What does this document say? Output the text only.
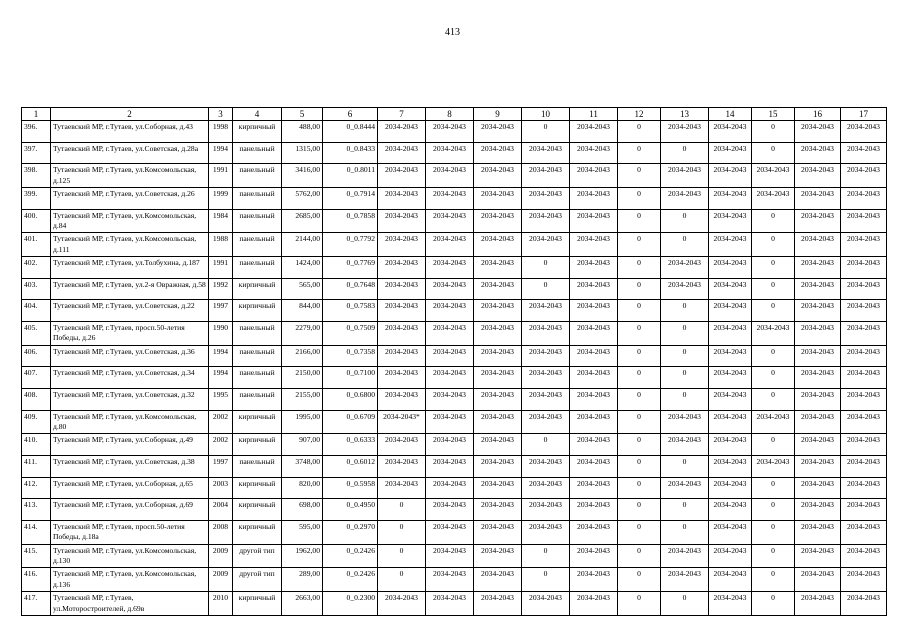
413
1	2	3	4	5	6	7	8	9	10	11	12	13	14	15	16	17
396.	Тутаевский МР, г.Тутаев, ул.Соборная, д.43	1998	кирпичный	488,00	0_0.8444	2034-2043	2034-2043	2034-2043	0	2034-2043	0	2034-2043	2034-2043	0	2034-2043	2034-2043
397.	Тутаевский МР, г.Тутаев, ул.Советская, д.28а	1994	панельный	1315,00	0_0.8433	2034-2043	2034-2043	2034-2043	2034-2043	2034-2043	0	0	2034-2043	0	2034-2043	2034-2043
398.	Тутаевский МР, г.Тутаев, ул.Комсомольская, д.125	1991	панельный	3416,00	0_0.8011	2034-2043	2034-2043	2034-2043	2034-2043	2034-2043	0	2034-2043	2034-2043	2034-2043	2034-2043	2034-2043
399.	Тутаевский МР, г.Тутаев, ул.Советская, д.26	1999	панельный	5762,00	0_0.7914	2034-2043	2034-2043	2034-2043	2034-2043	2034-2043	0	2034-2043	2034-2043	2034-2043	2034-2043	2034-2043
400.	Тутаевский МР, г.Тутаев, ул.Комсомольская, д.84	1984	панельный	2685,00	0_0.7858	2034-2043	2034-2043	2034-2043	2034-2043	2034-2043	0	0	2034-2043	0	2034-2043	2034-2043
401.	Тутаевский МР, г.Тутаев, ул.Комсомольская, д.111	1988	панельный	2144,00	0_0.7792	2034-2043	2034-2043	2034-2043	2034-2043	2034-2043	0	0	2034-2043	0	2034-2043	2034-2043
402.	Тутаевский МР, г.Тутаев, ул.Толбухина, д.187	1991	панельный	1424,00	0_0.7769	2034-2043	2034-2043	2034-2043	0	2034-2043	0	2034-2043	2034-2043	0	2034-2043	2034-2043
403.	Тутаевский МР, г.Тутаев, ул.2-я Овражная, д.58	1992	кирпичный	565,00	0_0.7648	2034-2043	2034-2043	2034-2043	0	2034-2043	0	2034-2043	2034-2043	0	2034-2043	2034-2043
404.	Тутаевский МР, г.Тутаев, ул.Советская, д.22	1997	кирпичный	844,00	0_0.7583	2034-2043	2034-2043	2034-2043	2034-2043	2034-2043	0	0	2034-2043	0	2034-2043	2034-2043
405.	Тутаевский МР, г.Тутаев, просп.50-летия Победы, д.26	1990	панельный	2279,00	0_0.7509	2034-2043	2034-2043	2034-2043	2034-2043	2034-2043	0	0	2034-2043	2034-2043	2034-2043	2034-2043
406.	Тутаевский МР, г.Тутаев, ул.Советская, д.36	1994	панельный	2166,00	0_0.7358	2034-2043	2034-2043	2034-2043	2034-2043	2034-2043	0	0	2034-2043	0	2034-2043	2034-2043
407.	Тутаевский МР, г.Тутаев, ул.Советская, д.34	1994	панельный	2150,00	0_0.7100	2034-2043	2034-2043	2034-2043	2034-2043	2034-2043	0	0	2034-2043	0	2034-2043	2034-2043
408.	Тутаевский МР, г.Тутаев, ул.Советская, д.32	1995	панельный	2155,00	0_0.6800	2034-2043	2034-2043	2034-2043	2034-2043	2034-2043	0	0	2034-2043	0	2034-2043	2034-2043
409.	Тутаевский МР, г.Тутаев, ул.Комсомольская, д.80	2002	кирпичный	1995,00	0_0.6709	2034-2043*	2034-2043	2034-2043	2034-2043	2034-2043	0	2034-2043	2034-2043	2034-2043	2034-2043	2034-2043
410.	Тутаевский МР, г.Тутаев, ул.Соборная, д.49	2002	кирпичный	907,00	0_0.6333	2034-2043	2034-2043	2034-2043	0	2034-2043	0	2034-2043	2034-2043	0	2034-2043	2034-2043
411.	Тутаевский МР, г.Тутаев, ул.Советская, д.38	1997	панельный	3748,00	0_0.6012	2034-2043	2034-2043	2034-2043	2034-2043	2034-2043	0	0	2034-2043	2034-2043	2034-2043	2034-2043
412.	Тутаевский МР, г.Тутаев, ул.Соборная, д.65	2003	кирпичный	820,00	0_0.5958	2034-2043	2034-2043	2034-2043	2034-2043	2034-2043	0	2034-2043	2034-2043	0	2034-2043	2034-2043
413.	Тутаевский МР, г.Тутаев, ул.Соборная, д.69	2004	кирпичный	698,00	0_0.4950	0	2034-2043	2034-2043	2034-2043	2034-2043	0	0	2034-2043	0	2034-2043	2034-2043
414.	Тутаевский МР, г.Тутаев, просп.50-летия Победы, д.18а	2008	кирпичный	595,00	0_0.2970	0	2034-2043	2034-2043	2034-2043	2034-2043	0	0	2034-2043	0	2034-2043	2034-2043
415.	Тутаевский МР, г.Тутаев, ул.Комсомольская, д.130	2009	другой тип	1962,00	0_0.2426	0	2034-2043	2034-2043	0	2034-2043	0	2034-2043	2034-2043	0	2034-2043	2034-2043
416.	Тутаевский МР, г.Тутаев, ул.Комсомольская, д.136	2009	другой тип	289,00	0_0.2426	0	2034-2043	2034-2043	0	2034-2043	0	2034-2043	2034-2043	0	2034-2043	2034-2043
417.	Тутаевский МР, г.Тутаев, ул.Моторостроителей, д.69в	2010	кирпичный	2663,00	0_0.2300	2034-2043	2034-2043	2034-2043	2034-2043	2034-2043	0	0	2034-2043	0	2034-2043	2034-2043
